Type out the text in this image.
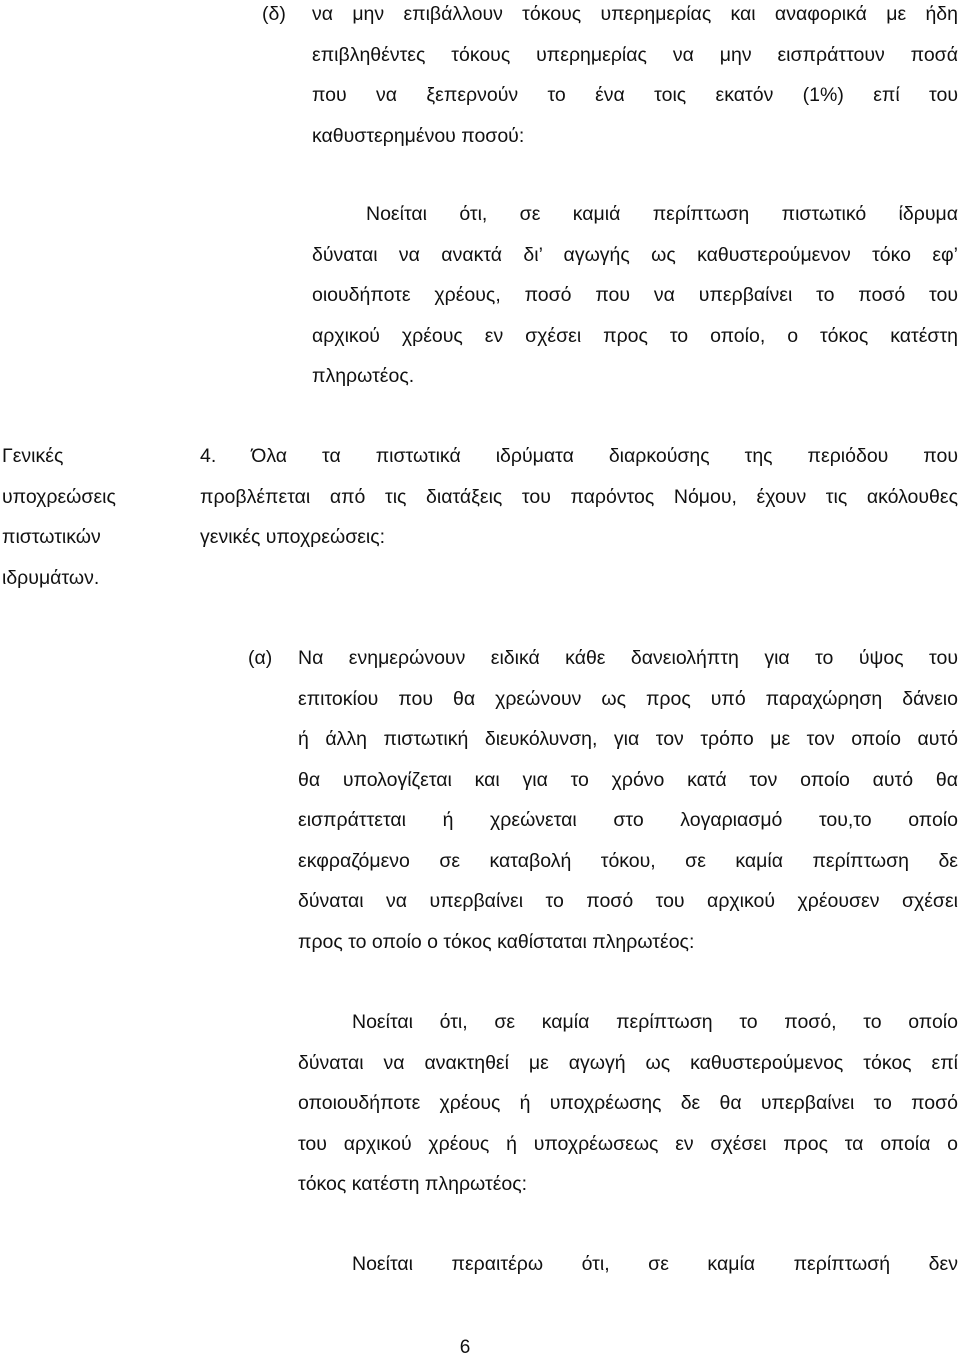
(δ) να μην επιβάλλουν τόκους υπερημερίας και αναφορικά με ήδη
επιβληθέντες τόκους υπερημερίας να μην εισπράττουν ποσά
που να ξεπερνούν το ένα τοις εκατόν (1%) επί του
καθυστερημένου ποσού:
Νοείται ότι, σε καμιά περίπτωση πιστωτικό ίδρυμα
δύναται να ανακτά δι’ αγωγής ως καθυστερούμενον τόκο εφ’
οιουδήποτε χρέους, ποσό που να υπερβαίνει το ποσό του
αρχικού χρέους εν σχέσει προς το οποίο, ο τόκος κατέστη
πληρωτέος.
Γενικές
υποχρεώσεις
πιστωτικών
ιδρυμάτων.
4. Όλα τα πιστωτικά ιδρύματα διαρκούσης της περιόδου που
προβλέπεται από τις διατάξεις του παρόντος Νόμου, έχουν τις ακόλουθες
γενικές υποχρεώσεις:
(α) Να ενημερώνουν ειδικά κάθε δανειολήπτη για το ύψος του
επιτοκίου που θα χρεώνουν ως προς υπό παραχώρηση δάνειο
ή άλλη πιστωτική διευκόλυνση, για τον τρόπο με τον οποίο αυτό
θα υπολογίζεται και για το χρόνο κατά τον οποίο αυτό θα
εισπράττεται ή χρεώνεται στο λογαριασμό του,το οποίο
εκφραζόμενο σε καταβολή τόκου, σε καμία περίπτωση δε
δύναται να υπερβαίνει το ποσό του αρχικού χρέουσεν σχέσει
προς το οποίο ο τόκος καθίσταται πληρωτέος:
Νοείται ότι, σε καμία περίπτωση το ποσό, το οποίο
δύναται να ανακτηθεί με αγωγή ως καθυστερούμενος τόκος επί
οποιουδήποτε χρέους ή υποχρέωσης δε θα υπερβαίνει το ποσό
του αρχικού χρέους ή υποχρέωσεως εν σχέσει προς τα οποία ο
τόκος κατέστη πληρωτέος:
Νοείται περαιτέρω ότι, σε καμία περίπτωσή δεν
6
